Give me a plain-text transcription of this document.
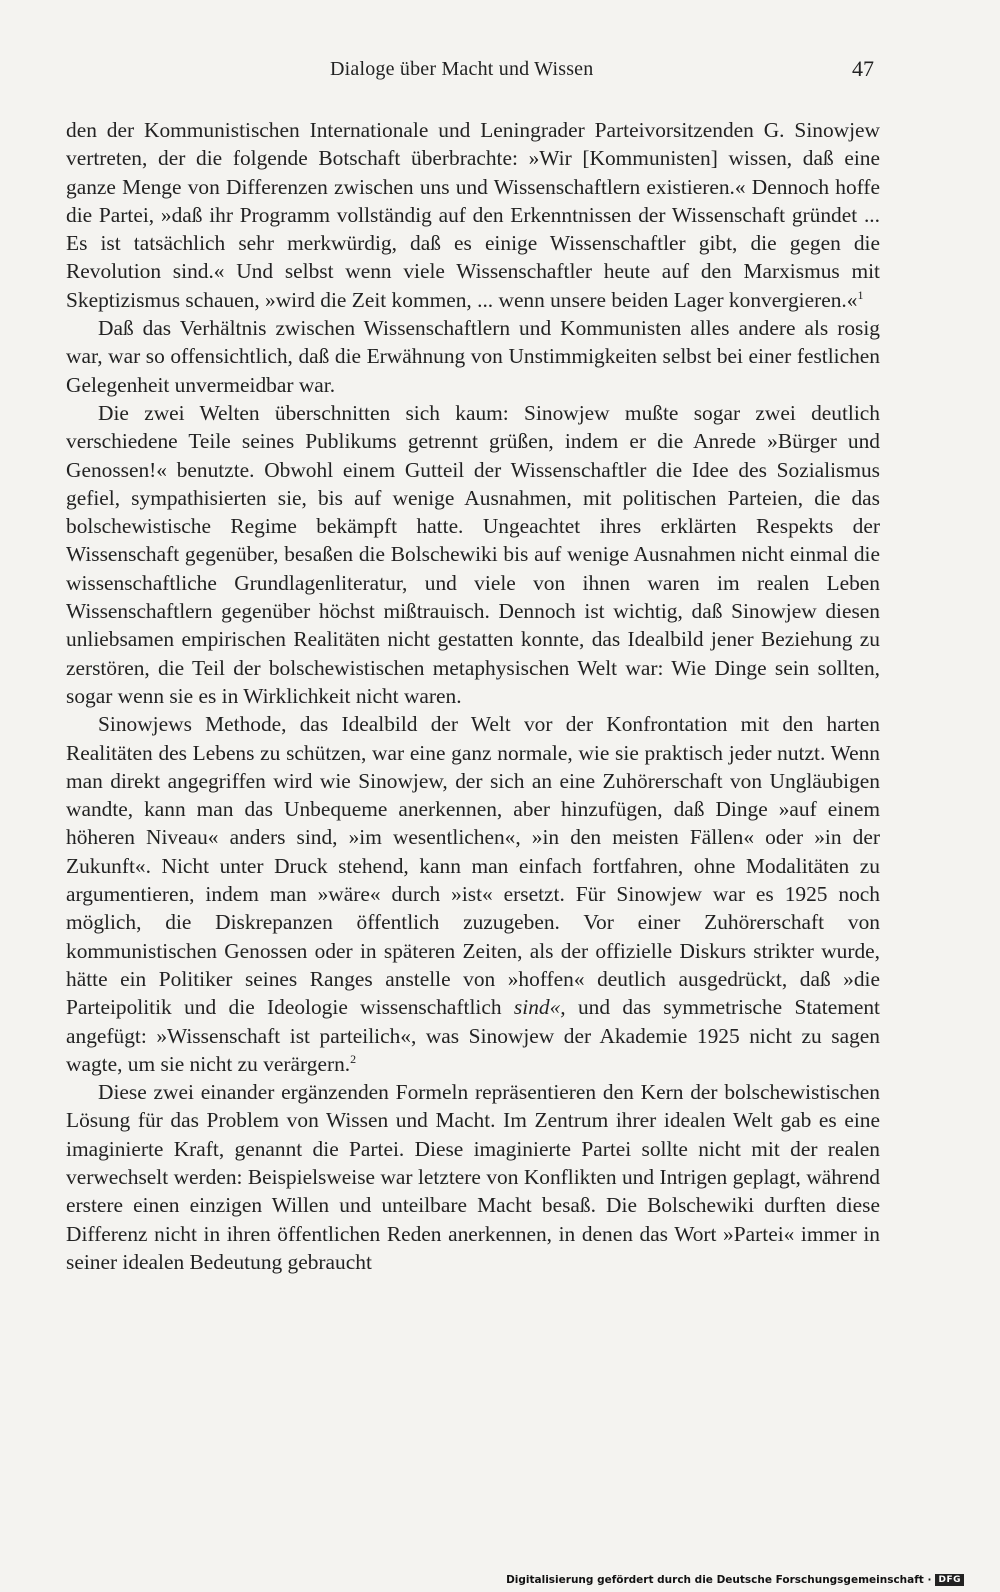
Dialoge über Macht und Wissen	47

den der Kommunistischen Internationale und Leningrader Parteivorsitzenden G. Sinowjew vertreten, der die folgende Botschaft überbrachte: »Wir [Kommunisten] wissen, daß eine ganze Menge von Differenzen zwischen uns und Wissenschaftlern existieren.« Dennoch hoffe die Partei, »daß ihr Programm vollständig auf den Erkenntnissen der Wissenschaft gründet ... Es ist tatsächlich sehr merkwürdig, daß es einige Wissenschaftler gibt, die gegen die Revolution sind.« Und selbst wenn viele Wissenschaftler heute auf den Marxismus mit Skeptizismus schauen, »wird die Zeit kommen, ... wenn unsere beiden Lager konvergieren.«$^1$

Daß das Verhältnis zwischen Wissenschaftlern und Kommunisten alles andere als rosig war, war so offensichtlich, daß die Erwähnung von Unstimmigkeiten selbst bei einer festlichen Gelegenheit unvermeidbar war.

Die zwei Welten überschnitten sich kaum: Sinowjew mußte sogar zwei deutlich verschiedene Teile seines Publikums getrennt grüßen, indem er die Anrede »Bürger und Genossen!« benutzte. Obwohl einem Gutteil der Wissenschaftler die Idee des Sozialismus gefiel, sympathisierten sie, bis auf wenige Ausnahmen, mit politischen Parteien, die das bolschewistische Regime bekämpft hatte. Ungeachtet ihres erklärten Respekts der Wissenschaft gegenüber, besaßen die Bolschewiki bis auf wenige Ausnahmen nicht einmal die wissenschaftliche Grundlagenliteratur, und viele von ihnen waren im realen Leben Wissenschaftlern gegenüber höchst mißtrauisch. Dennoch ist wichtig, daß Sinowjew diesen unliebsamen empirischen Realitäten nicht gestatten konnte, das Idealbild jener Beziehung zu zerstören, die Teil der bolschewistischen metaphysischen Welt war: Wie Dinge sein sollten, sogar wenn sie es in Wirklichkeit nicht waren.

Sinowjews Methode, das Idealbild der Welt vor der Konfrontation mit den harten Realitäten des Lebens zu schützen, war eine ganz normale, wie sie praktisch jeder nutzt. Wenn man direkt angegriffen wird wie Sinowjew, der sich an eine Zuhörerschaft von Ungläubigen wandte, kann man das Unbequeme anerkennen, aber hinzufügen, daß Dinge »auf einem höheren Niveau« anders sind, »im wesentlichen«, »in den meisten Fällen« oder »in der Zukunft«. Nicht unter Druck stehend, kann man einfach fortfahren, ohne Modalitäten zu argumentieren, indem man »wäre« durch »ist« ersetzt. Für Sinowjew war es 1925 noch möglich, die Diskrepanzen öffentlich zuzugeben. Vor einer Zuhörerschaft von kommunistischen Genossen oder in späteren Zeiten, als der offizielle Diskurs strikter wurde, hätte ein Politiker seines Ranges anstelle von »hoffen« deutlich ausgedrückt, daß »die Parteipolitik und die Ideologie wissenschaftlich sind«, und das symmetrische Statement angefügt: »Wissenschaft ist parteilich«, was Sinowjew der Akademie 1925 nicht zu sagen wagte, um sie nicht zu verärgern.$^2$

Diese zwei einander ergänzenden Formeln repräsentieren den Kern der bolschewistischen Lösung für das Problem von Wissen und Macht. Im Zentrum ihrer idealen Welt gab es eine imaginierte Kraft, genannt die Partei. Diese imaginierte Partei sollte nicht mit der realen verwechselt werden: Beispielsweise war letztere von Konflikten und Intrigen geplagt, während erstere einen einzigen Willen und unteilbare Macht besaß. Die Bolschewiki durften diese Differenz nicht in ihren öffentlichen Reden anerkennen, in denen das Wort »Partei« immer in seiner idealen Bedeutung gebraucht

Digitalisierung gefördert durch die Deutsche Forschungsgemeinschaft · DFG
